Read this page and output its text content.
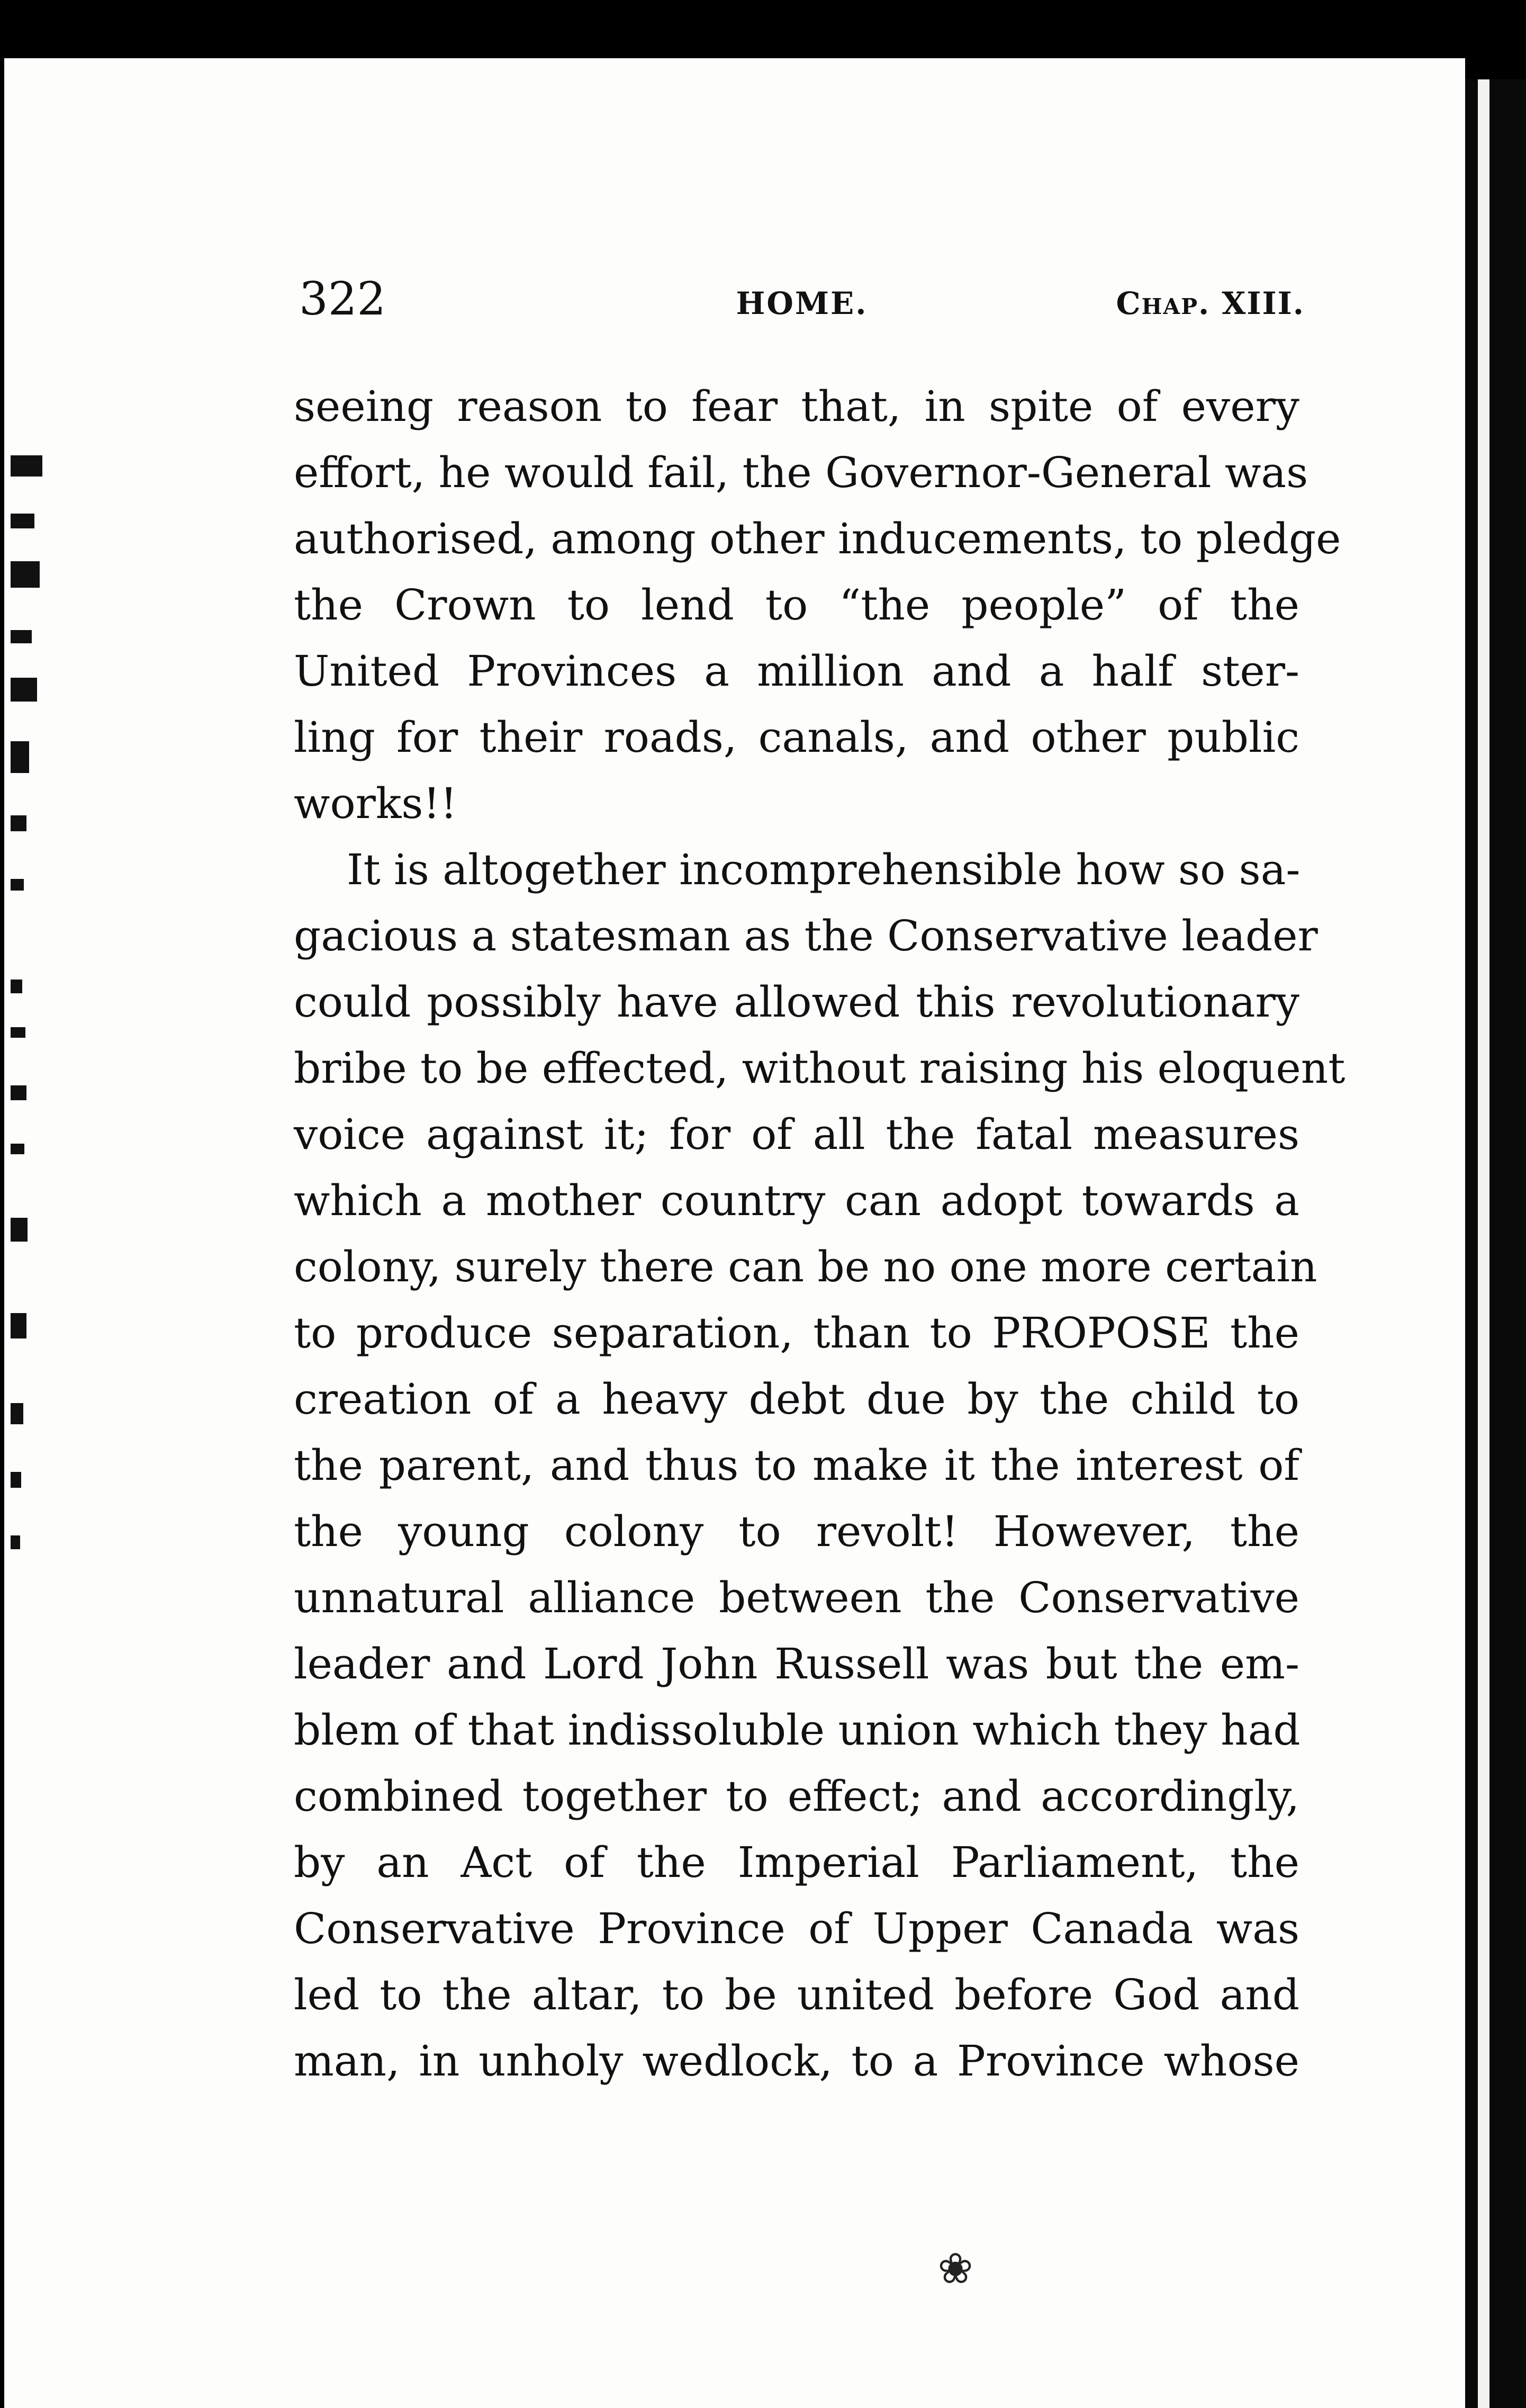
322	HOME.	Chap. XIII.
seeing reason to fear that, in spite of every
effort, he would fail, the Governor-General was
authorised, among other inducements, to pledge
the Crown to lend to “the people” of the
United Provinces a million and a half ster-
ling for their roads, canals, and other public
works!!
It is altogether incomprehensible how so sa-
gacious a statesman as the Conservative leader
could possibly have allowed this revolutionary
bribe to be effected, without raising his eloquent
voice against it; for of all the fatal measures
which a mother country can adopt towards a
colony, surely there can be no one more certain
to produce separation, than to PROPOSE the
creation of a heavy debt due by the child to
the parent, and thus to make it the interest of
the young colony to revolt! However, the
unnatural alliance between the Conservative
leader and Lord John Russell was but the em-
blem of that indissoluble union which they had
combined together to effect; and accordingly,
by an Act of the Imperial Parliament, the
Conservative Province of Upper Canada was
led to the altar, to be united before God and
man, in unholy wedlock, to a Province whose
❀
